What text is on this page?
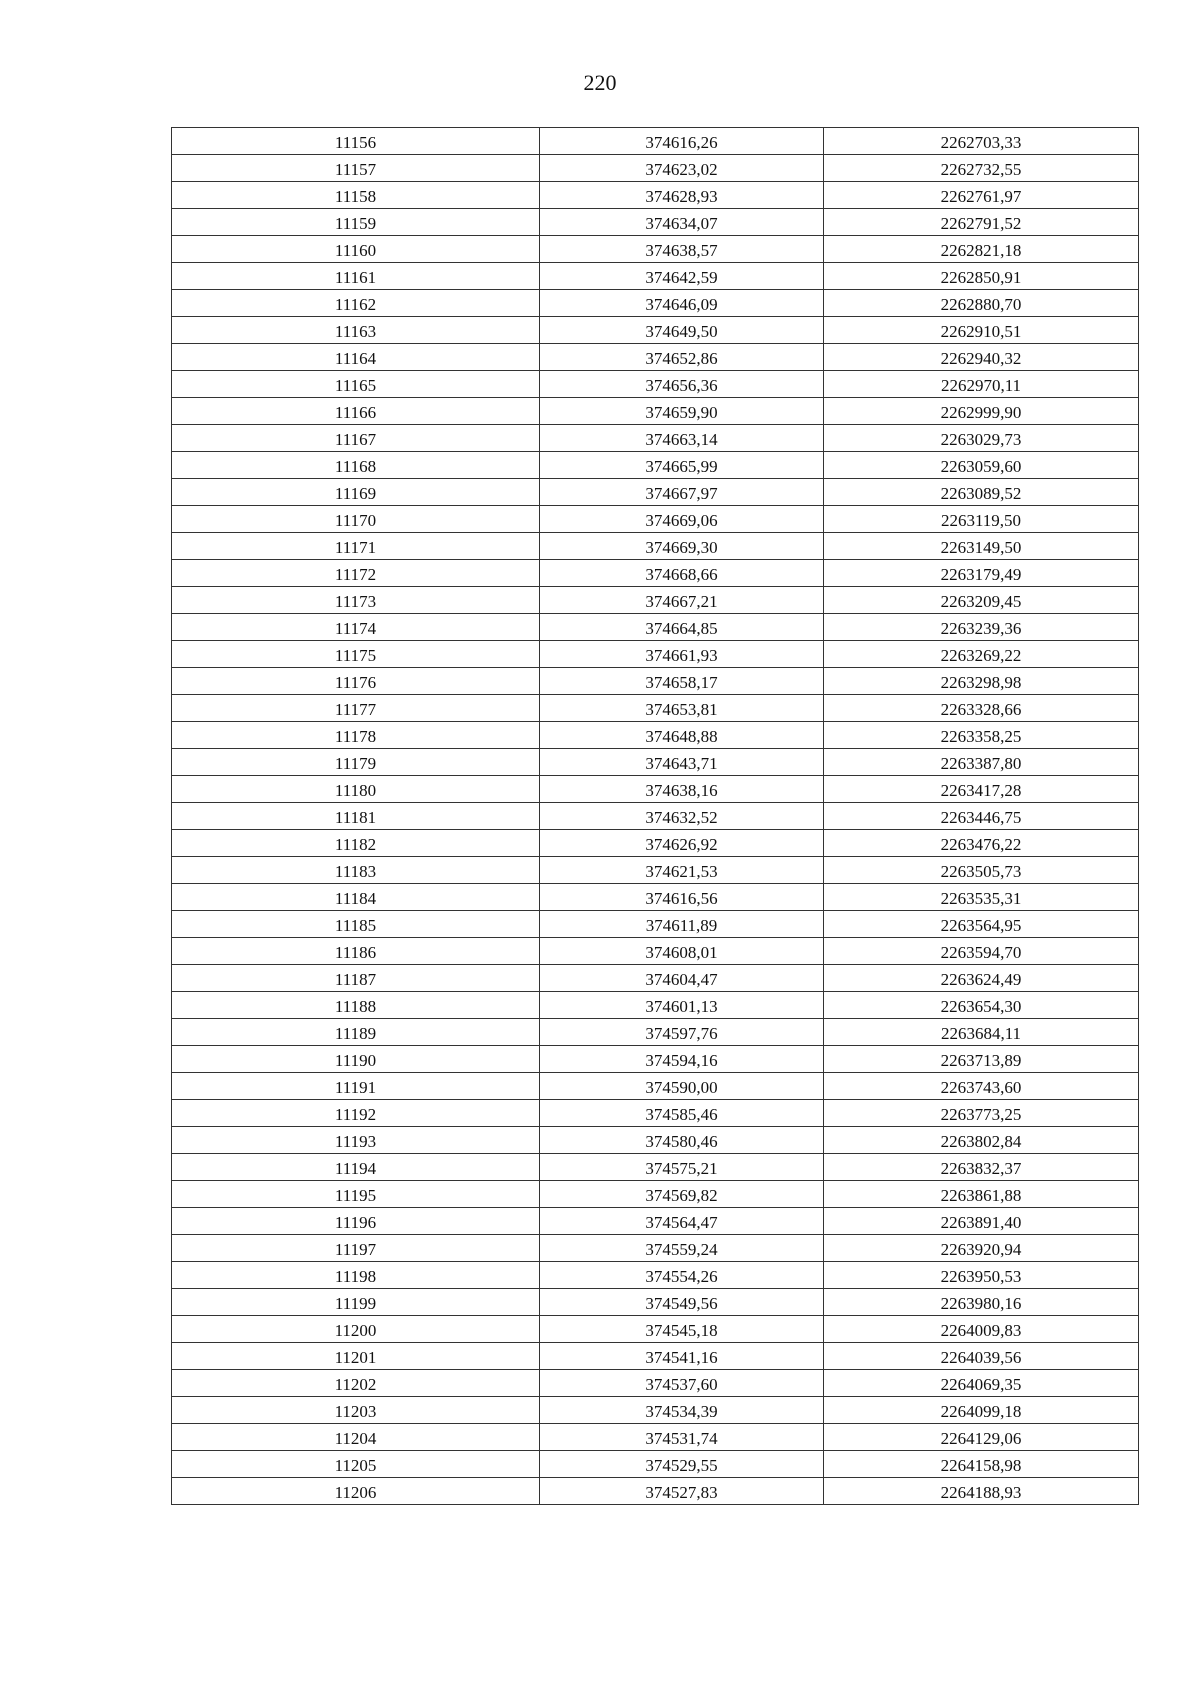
220
11156	374616,26	2262703,33
11157	374623,02	2262732,55
11158	374628,93	2262761,97
11159	374634,07	2262791,52
11160	374638,57	2262821,18
11161	374642,59	2262850,91
11162	374646,09	2262880,70
11163	374649,50	2262910,51
11164	374652,86	2262940,32
11165	374656,36	2262970,11
11166	374659,90	2262999,90
11167	374663,14	2263029,73
11168	374665,99	2263059,60
11169	374667,97	2263089,52
11170	374669,06	2263119,50
11171	374669,30	2263149,50
11172	374668,66	2263179,49
11173	374667,21	2263209,45
11174	374664,85	2263239,36
11175	374661,93	2263269,22
11176	374658,17	2263298,98
11177	374653,81	2263328,66
11178	374648,88	2263358,25
11179	374643,71	2263387,80
11180	374638,16	2263417,28
11181	374632,52	2263446,75
11182	374626,92	2263476,22
11183	374621,53	2263505,73
11184	374616,56	2263535,31
11185	374611,89	2263564,95
11186	374608,01	2263594,70
11187	374604,47	2263624,49
11188	374601,13	2263654,30
11189	374597,76	2263684,11
11190	374594,16	2263713,89
11191	374590,00	2263743,60
11192	374585,46	2263773,25
11193	374580,46	2263802,84
11194	374575,21	2263832,37
11195	374569,82	2263861,88
11196	374564,47	2263891,40
11197	374559,24	2263920,94
11198	374554,26	2263950,53
11199	374549,56	2263980,16
11200	374545,18	2264009,83
11201	374541,16	2264039,56
11202	374537,60	2264069,35
11203	374534,39	2264099,18
11204	374531,74	2264129,06
11205	374529,55	2264158,98
11206	374527,83	2264188,93
